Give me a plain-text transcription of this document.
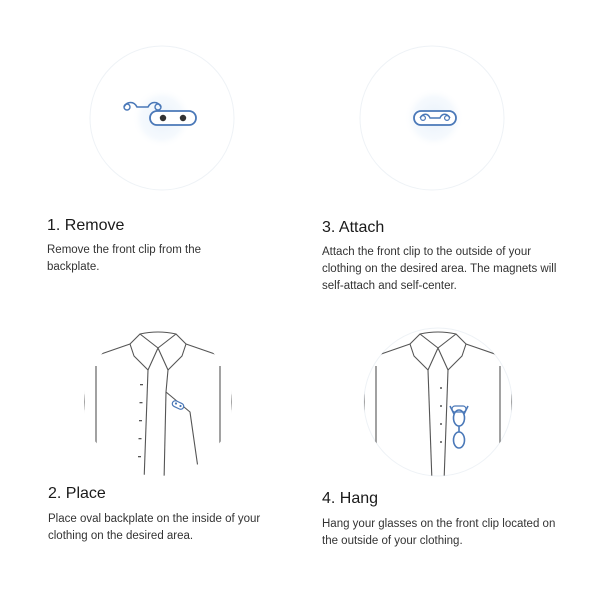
1. Remove

Remove the front clip from the backplate.

3. Attach

Attach the front clip to the outside of your clothing on the desired area. The magnets will self-attach and self-center.

2. Place

Place oval backplate on the inside of your clothing on the desired area.

4. Hang

Hang your glasses on the front clip located on the outside of your clothing.
